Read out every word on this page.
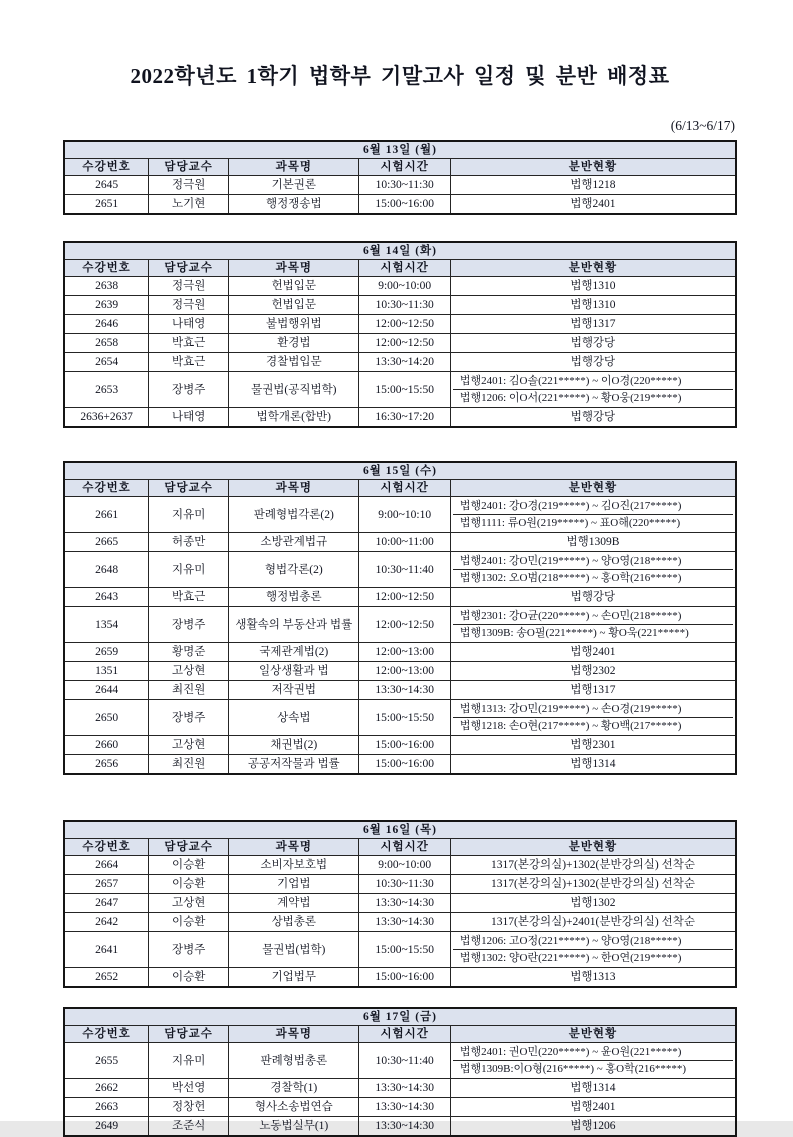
2022학년도 1학기 법학부 기말고사 일정 및 분반 배정표
(6/13~6/17)
6월 13일 (월)				
수강번호	담당교수	과목명	시험시간	분반현황
2645	정극원	기본권론	10:30~11:30	법행1218

2651	노기현	행정쟁송법	15:00~16:00	법행2401
6월 14일 (화)				
수강번호	담당교수	과목명	시험시간	분반현황
2638	정극원	헌법입문	9:00~10:00	법행1310

2639	정극원	헌법입문	10:30~11:30	법행1310

2646	나태영	불법행위법	12:00~12:50	법행1317

2658	박효근	환경법	12:00~12:50	법행강당

2654	박효근	경찰법입문	13:30~14:20	법행강당

2653	장병주	물권법(공직법학)	15:00~15:50	법행2401: 김O솔(221*****) ~ 이O경(220*****)
법행1206: 이O서(221*****) ~ 황O웅(219*****)

2636+2637	나태영	법학개론(합반)	16:30~17:20	법행강당
6월 15일 (수)				
수강번호	담당교수	과목명	시험시간	분반현황
2661	지유미	판례형법각론(2)	9:00~10:10	법행2401: 강O경(219*****) ~ 김O진(217*****)
법행1111: 류O원(219*****) ~ 표O해(220*****)

2665	허종만	소방관계법규	10:00~11:00	법행1309B

2648	지유미	형법각론(2)	10:30~11:40	법행2401: 강O민(219*****) ~ 양O영(218*****)
법행1302: 오O범(218*****) ~ 홍O학(216*****)

2643	박효근	행정법총론	12:00~12:50	법행강당

1354	장병주	생활속의 부동산과 법률	12:00~12:50	법행2301: 강O균(220*****) ~ 손O민(218*****)
법행1309B: 송O필(221*****) ~ 황O욱(221*****)

2659	황명준	국제관계법(2)	12:00~13:00	법행2401

1351	고상현	일상생활과 법	12:00~13:00	법행2302

2644	최진원	저작권법	13:30~14:30	법행1317

2650	장병주	상속법	15:00~15:50	법행1313: 강O민(219*****) ~ 손O경(219*****)
법행1218: 손O현(217*****) ~ 황O백(217*****)

2660	고상현	채권법(2)	15:00~16:00	법행2301

2656	최진원	공공저작물과 법률	15:00~16:00	법행1314
6월 16일 (목)				
수강번호	담당교수	과목명	시험시간	분반현황
2664	이승환	소비자보호법	9:00~10:00	1317(본강의실)+1302(분반강의실) 선착순

2657	이승환	기업법	10:30~11:30	1317(본강의실)+1302(분반강의실) 선착순

2647	고상현	계약법	13:30~14:30	법행1302

2642	이승환	상법총론	13:30~14:30	1317(본강의실)+2401(분반강의실) 선착순

2641	장병주	물권법(법학)	15:00~15:50	법행1206: 고O정(221*****) ~ 양O영(218*****)
법행1302: 양O란(221*****) ~ 한O연(219*****)

2652	이승환	기업법무	15:00~16:00	법행1313
6월 17일 (금)				
수강번호	담당교수	과목명	시험시간	분반현황
2655	지유미	판례형법총론	10:30~11:40	법행2401: 권O민(220*****) ~ 윤O원(221*****)
법행1309B:이O형(216*****) ~ 홍O학(216*****)

2662	박선영	경찰학(1)	13:30~14:30	법행1314

2663	정창헌	형사소송법연습	13:30~14:30	법행2401

2649	조준식	노동법실무(1)	13:30~14:30	법행1206
